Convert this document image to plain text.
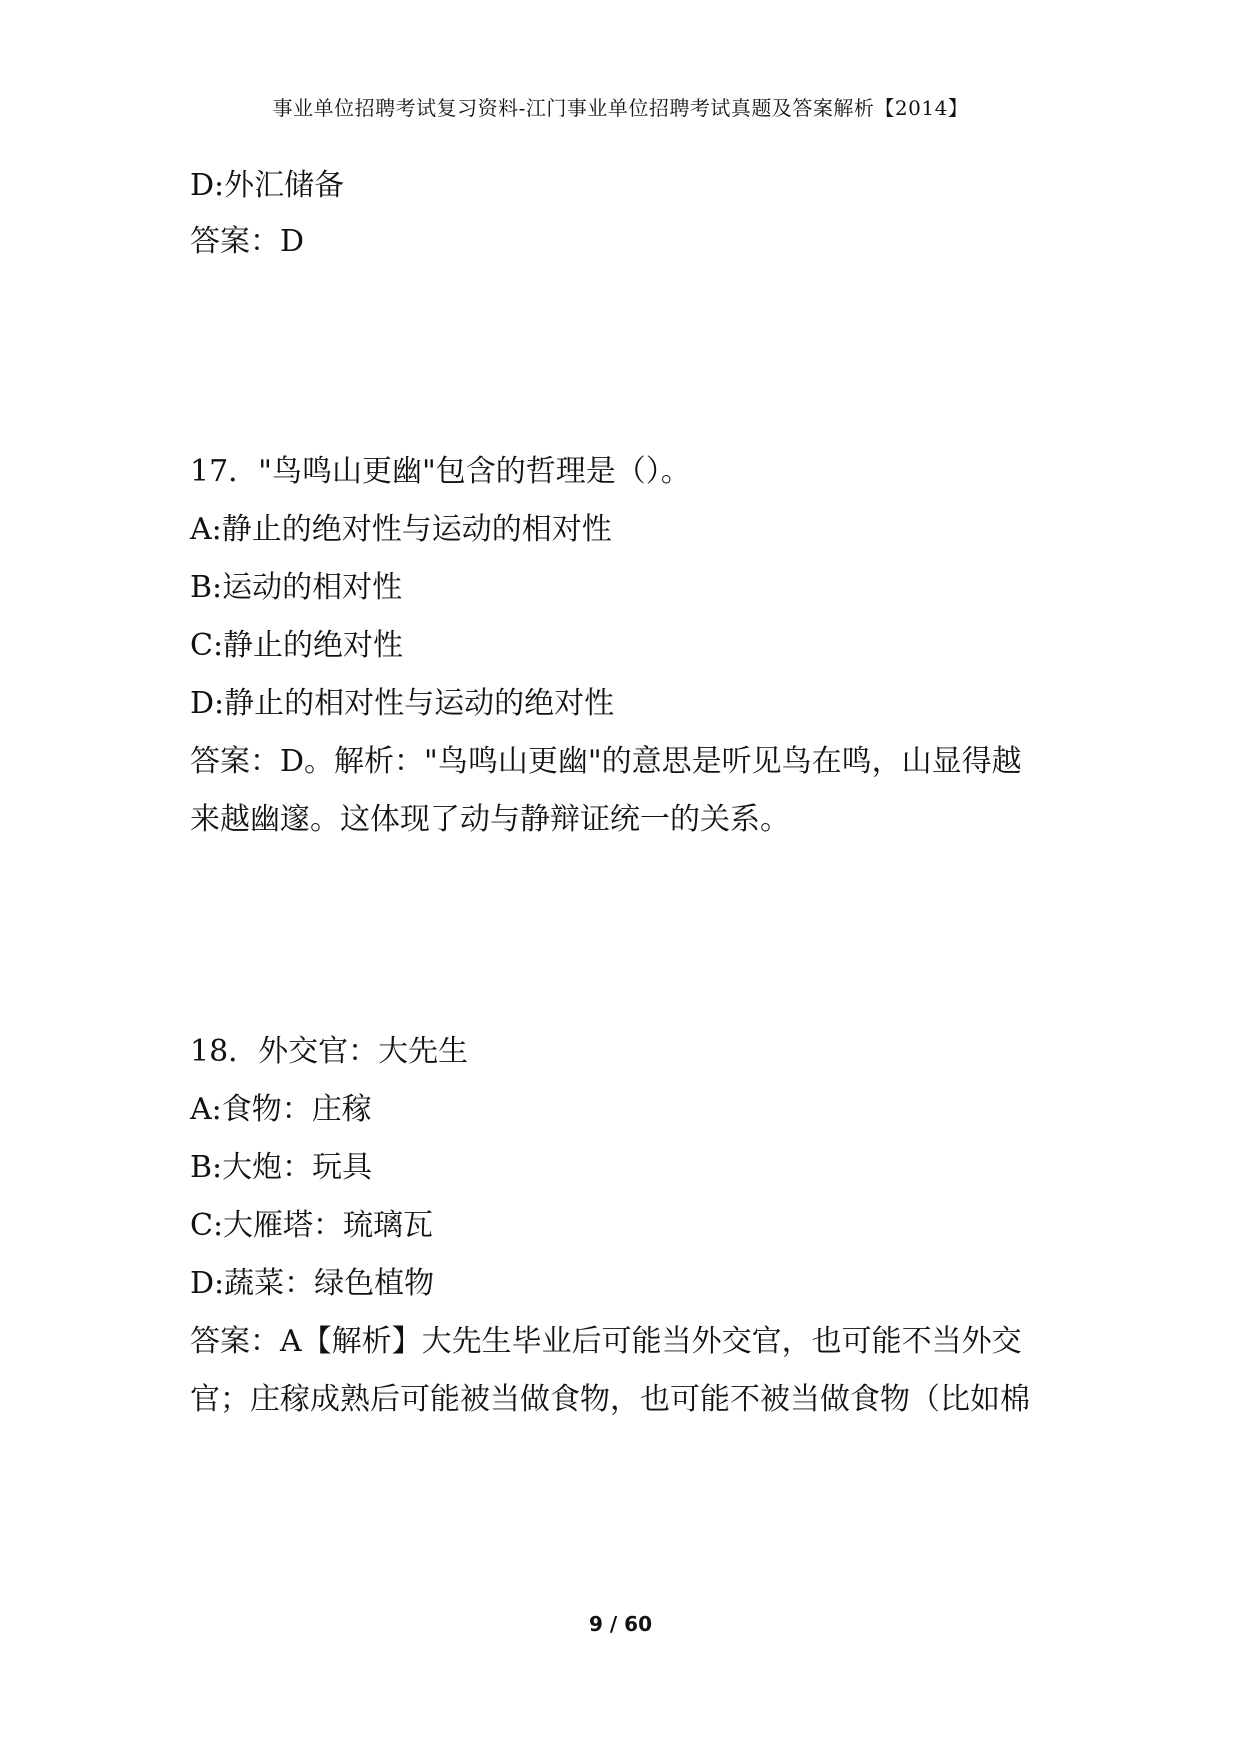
事业单位招聘考试复习资料-江门事业单位招聘考试真题及答案解析【2014】
D:外汇储备
答案：D
17．"鸟鸣山更幽"包含的哲理是（）。
A:静止的绝对性与运动的相对性
B:运动的相对性
C:静止的绝对性
D:静止的相对性与运动的绝对性
答案：D。解析："鸟鸣山更幽"的意思是听见鸟在鸣，山显得越
来越幽邃。这体现了动与静辩证统一的关系。
18．外交官：大先生
A:食物：庄稼
B:大炮：玩具
C:大雁塔：琉璃瓦
D:蔬菜：绿色植物
答案：A【解析】大先生毕业后可能当外交官，也可能不当外交
官；庄稼成熟后可能被当做食物，也可能不被当做食物（比如棉
9 / 60
